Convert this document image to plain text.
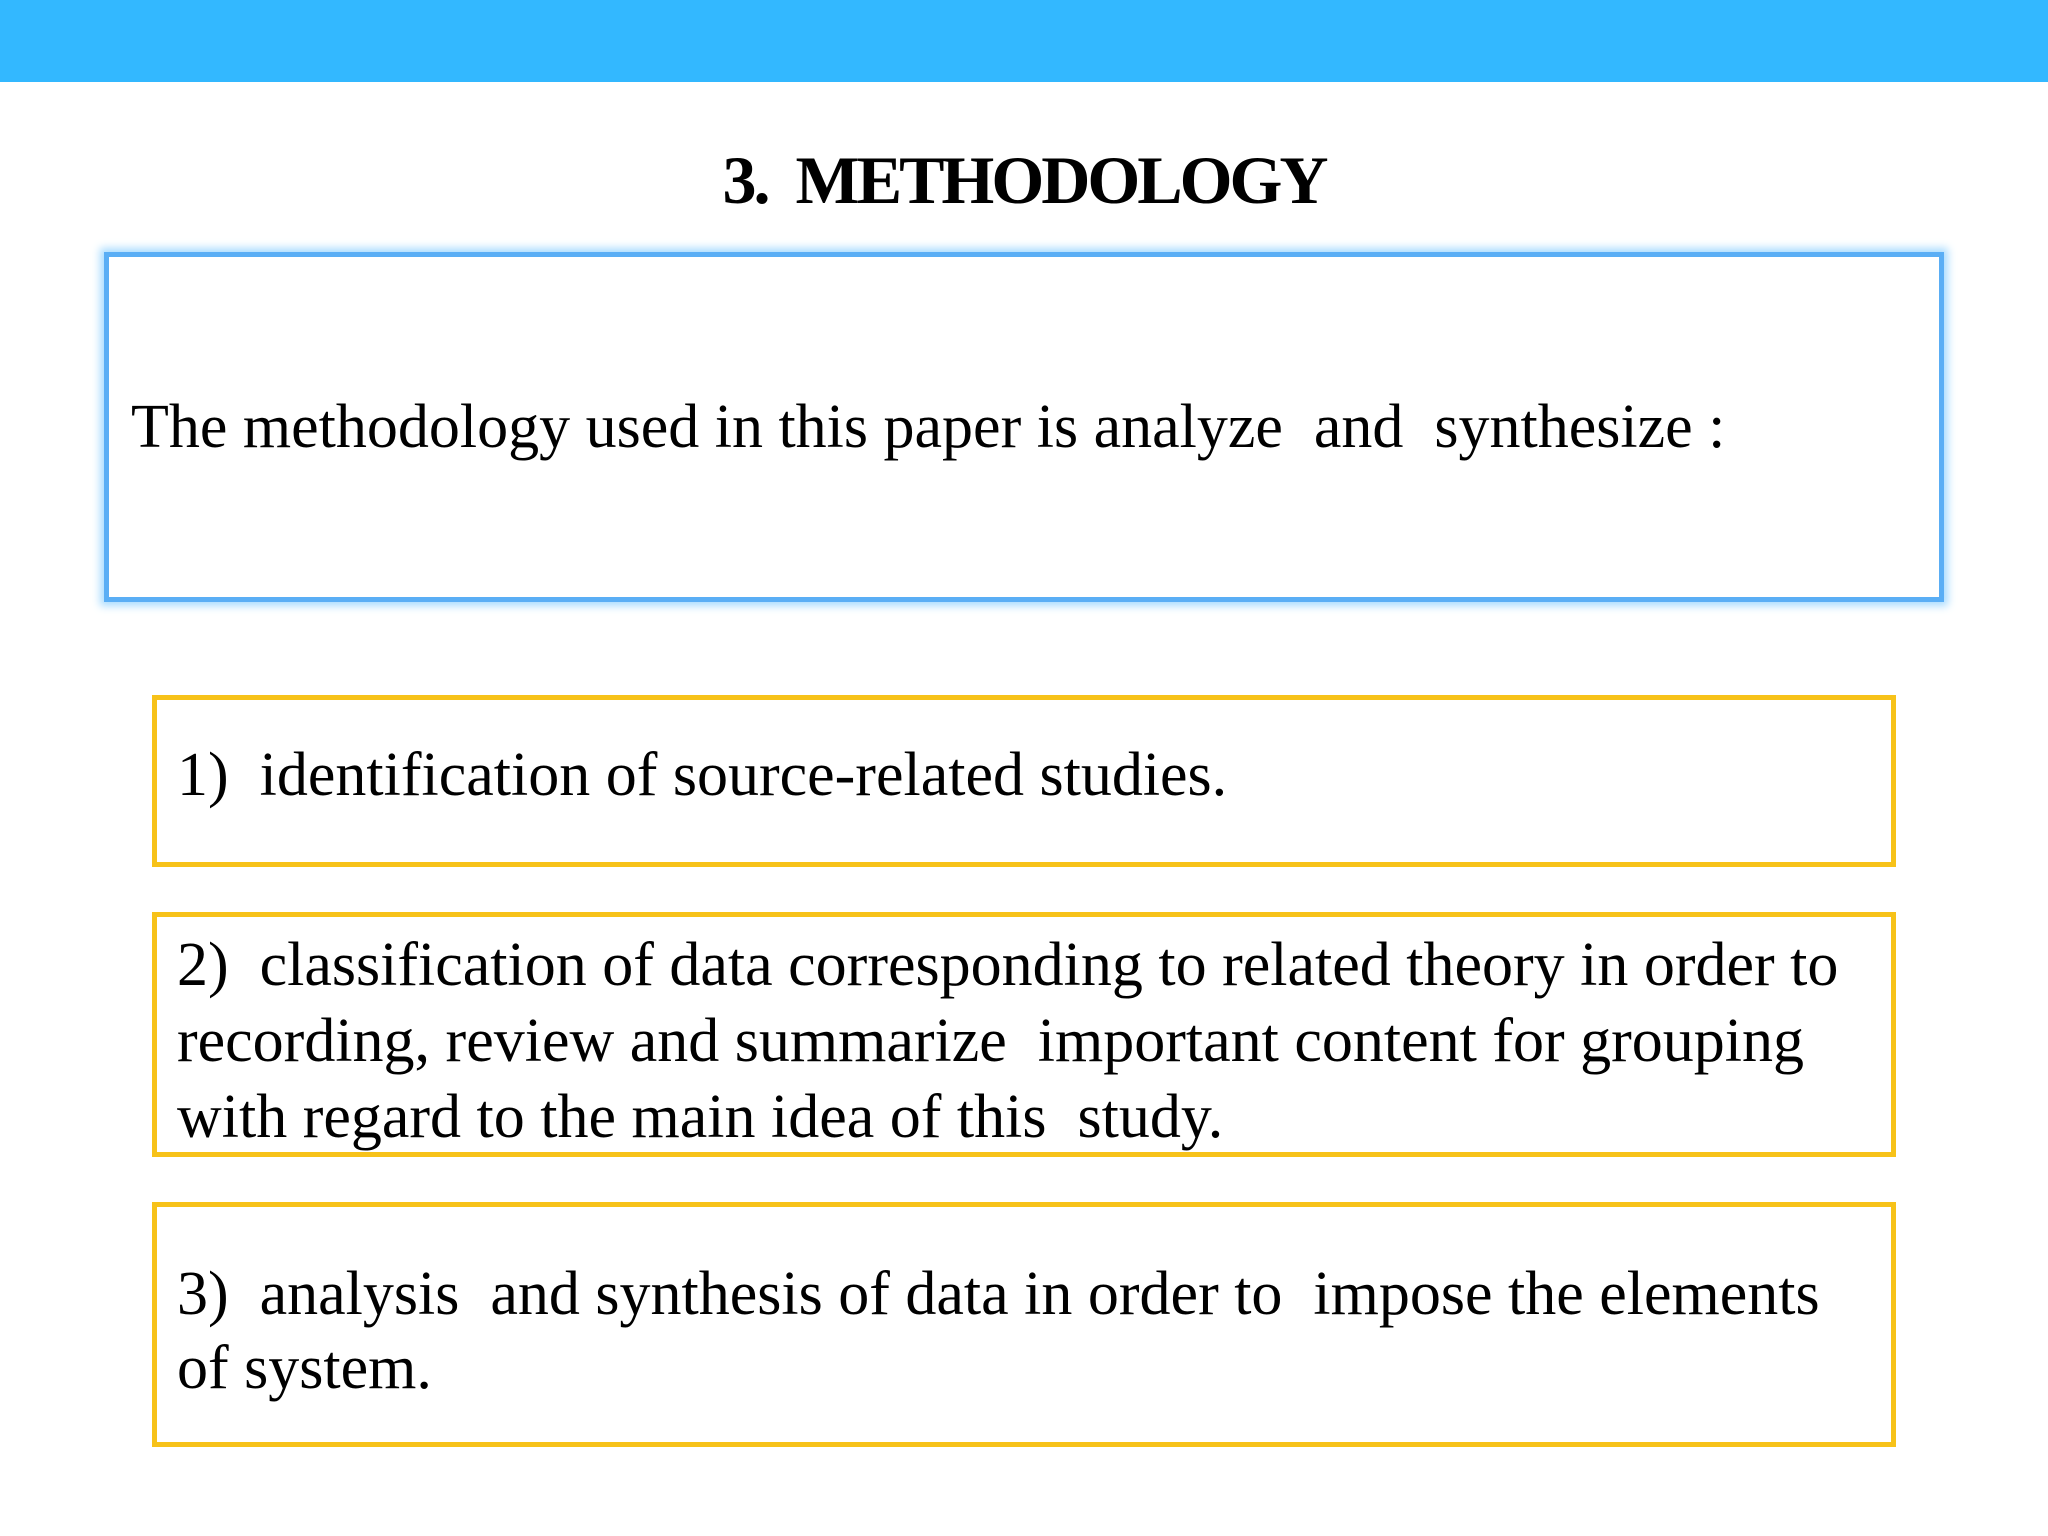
3.  METHODOLOGY
The methodology used in this paper is analyze  and  synthesize :
1)  identification of source-related studies.
2)  classification of data corresponding to related theory in order to recording, review and summarize  important content for grouping with regard to the main idea of this  study.
3)  analysis  and synthesis of data in order to  impose the elements of system.
